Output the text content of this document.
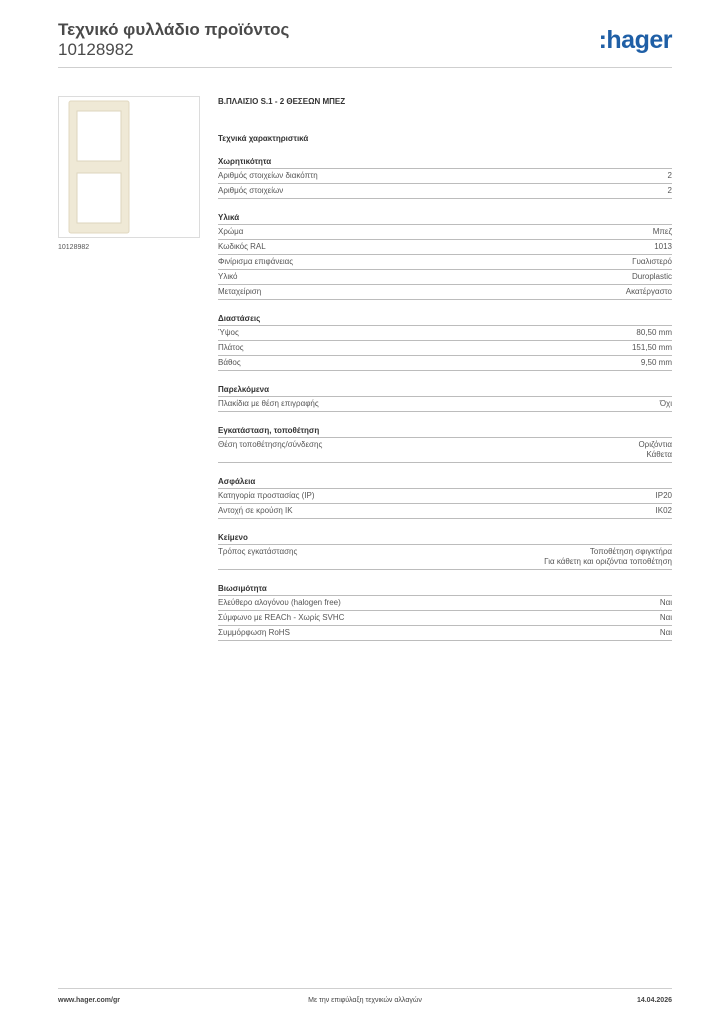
Τεχνικό φυλλάδιο προϊόντος
10128982	:hager
10128982
Β.ΠΛΑΙΣΙΟ S.1 - 2 ΘΕΣΕΩΝ ΜΠΕΖ
Τεχνικά χαρακτηριστικά
Χωρητικότητα
Αριθμός στοιχείων διακόπτη	2
Αριθμός στοιχείων	2
Υλικά
Χρώμα	Μπεζ
Κωδικός RAL	1013
Φινίρισμα επιφάνειας	Γυαλιστερό
Υλικό	Duroplastic
Μεταχείριση	Ακατέργαστο
Διαστάσεις
Ύψος	80,50 mm
Πλάτος	151,50 mm
Βάθος	9,50 mm
Παρελκόμενα
Πλακίδια με θέση επιγραφής	Όχι
Εγκατάσταση, τοποθέτηση
Θέση τοποθέτησης/σύνδεσης	Οριζόντια
Κάθετα
Ασφάλεια
Κατηγορία προστασίας (IP)	IP20
Αντοχή σε κρούση IK	IK02
Κείμενο
Τρόπος εγκατάστασης	Τοποθέτηση σφιγκτήρα
Για κάθετη και οριζόντια τοποθέτηση
Βιωσιμότητα
Ελεύθερο αλογόνου (halogen free)	Ναι
Σύμφωνο με REACh - Χωρίς SVHC	Ναι
Συμμόρφωση RoHS	Ναι
www.hager.com/gr	Με την επιφύλαξη τεχνικών αλλαγών	14.04.2026
